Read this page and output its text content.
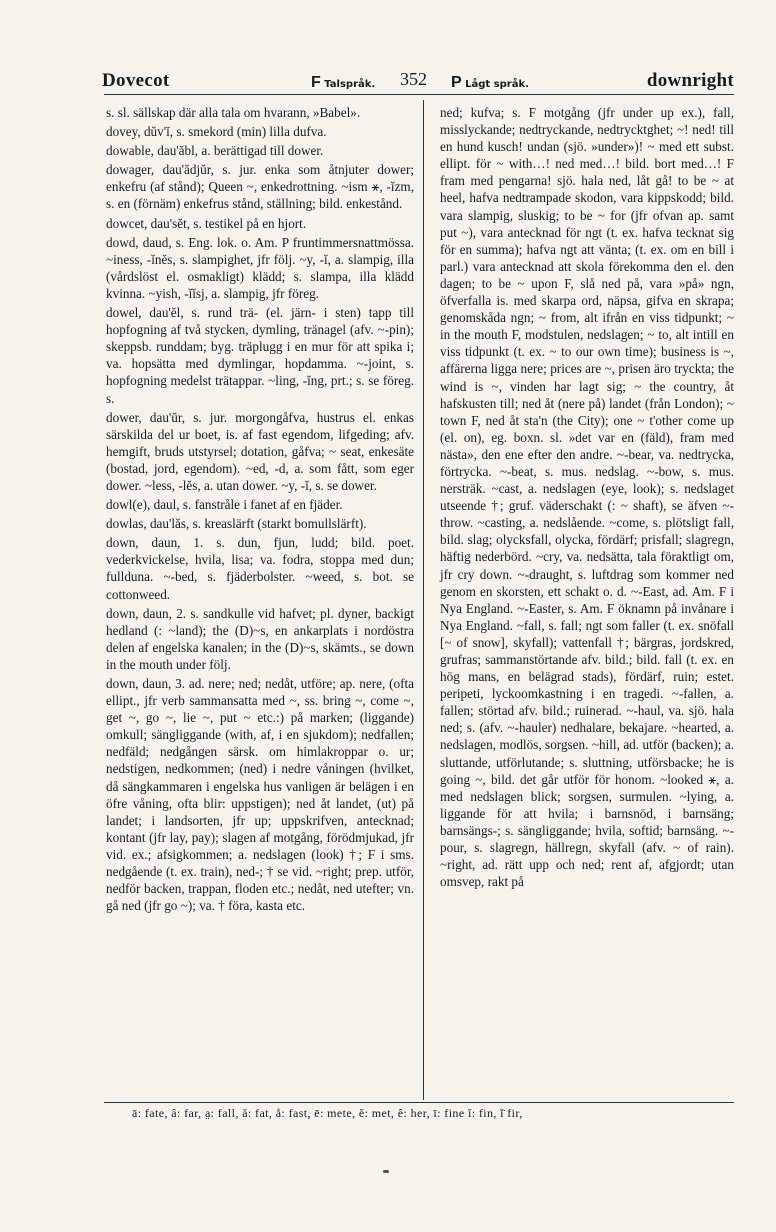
Dovecot	F Talspråk. 352 P Lågt språk.	downright

s. sl. sällskap där alla tala om hvarann, »Babel».

dovey, dŭv'ĭ, s. smekord (min) lilla dufva.

dowable, dau'ăbl, a. berättigad till dower.

dowager, dau'ădjŭr, s. jur. enka som åtnjuter dower; enkefru (af stånd); Queen ~, enkedrottning. ~ism ⚹, -ĭzm, s. en (förnäm) enkefrus stånd, ställning; bild. enkestånd.

dowcet, dau'sĕt, s. testikel på en hjort.

dowd, daud, s. Eng. lok. o. Am. P fruntimmersnattmössa. ~iness, -ĭnĕs, s. slampighet, jfr följ. ~y, -ĭ, a. slampig, illa (vårdslöst el. osmakligt) klädd; s. slampa, illa klädd kvinna. ~yish, -ĭĭsj, a. slampig, jfr föreg.

dowel, dau'ĕl, s. rund trä- (el. järn- i sten) tapp till hopfogning af två stycken, dymling, tränagel (afv. ~-pin); skeppsb. runddam; byg. träplugg i en mur för att spika i; va. hopsätta med dymlingar, hopdamma. ~-joint, s. hopfogning medelst trätappar. ~ling, -ĭng, prt.; s. se föreg. s.

dower, dau'ŭr, s. jur. morgongåfva, hustrus el. enkas särskilda del ur boet, is. af fast egendom, lifgeding; afv. hemgift, bruds utstyrsel; dotation, gåfva; ~ seat, enkesäte (bostad, jord, egendom). ~ed, -d, a. som fått, som eger dower. ~less, -lĕs, a. utan dower. ~y, -ĭ, s. se dower.

dowl(e), daul, s. fanstråle i fanet af en fjäder.

dowlas, dau'lăs, s. kreaslärft (starkt bomullslärft).

down, daun, 1. s. dun, fjun, ludd; bild. poet. vederkvickelse, hvila, lisa; va. fodra, stoppa med dun; fullduna. ~-bed, s. fjäderbolster. ~weed, s. bot. se cottonweed.

down, daun, 2. s. sandkulle vid hafvet; pl. dyner, backigt hedland (: ~land); the (D)~s, en ankarplats i nordöstra delen af engelska kanalen; in the (D)~s, skämts., se down in the mouth under följ.

down, daun, 3. ad. nere; ned; nedåt, utföre; ap. nere, (ofta ellipt., jfr verb sammansatta med ~, ss. bring ~, come ~, get ~, go ~, lie ~, put ~ etc.:) på marken; (liggande) omkull; sängliggande (with, af, i en sjukdom); nedfallen; nedfäld; nedgången särsk. om himlakroppar o. ur; nedstigen, nedkommen; (ned) i nedre våningen (hvilket, då sängkammaren i engelska hus vanligen är belägen i en öfre våning, ofta blir: uppstigen); ned åt landet, (ut) på landet; i landsorten, jfr up; uppskrifven, antecknad; kontant (jfr lay, pay); slagen af motgång, förödmjukad, jfr vid. ex.; afsigkommen; a. nedslagen (look) †; F i sms. nedgående (t. ex. train), ned-; † se vid. ~right; prep. utför, nedför backen, trappan, floden etc.; nedåt, ned utefter; vn. gå ned (jfr go ~); va. † föra, kasta etc.

ned; kufva; s. F motgång (jfr under up ex.), fall, misslyckande; nedtryckande, nedtrycktghet; ~! ned! till en hund kusch! undan (sjö. »under»)! ~ med ett subst. ellipt. för ~ with…! ned med…! bild. bort med…! F fram med pengarna! sjö. hala ned, låt gå! to be ~ at heel, hafva nedtrampade skodon, vara kippskodd; bild. vara slampig, sluskig; to be ~ for (jfr ofvan ap. samt put ~), vara antecknad för ngt (t. ex. hafva tecknat sig för en summa); hafva ngt att vänta; (t. ex. om en bill i parl.) vara antecknad att skola förekomma den el. den dagen; to be ~ upon F, slå ned på, vara »på» ngn, öfverfalla is. med skarpa ord, näpsa, gifva en skrapa; genomskåda ngn; ~ from, alt ifrån en viss tidpunkt; ~ in the mouth F, modstulen, nedslagen; ~ to, alt intill en viss tidpunkt (t. ex. ~ to our own time); business is ~, affärerna ligga nere; prices are ~, prisen äro tryckta; the wind is ~, vinden har lagt sig; ~ the country, åt hafskusten till; ned åt (nere på) landet (från London); ~ town F, ned åt sta'n (the City); one ~ t'other come up (el. on), eg. boxn. sl. »det var en (fäld), fram med nästa», den ene efter den andre. ~-bear, va. nedtrycka, förtrycka. ~-beat, s. mus. nedslag. ~-bow, s. mus. nersträk. ~cast, a. nedslagen (eye, look); s. nedslaget utseende †; gruf. väderschakt (: ~ shaft), se äfven ~-throw. ~casting, a. nedslående. ~come, s. plötsligt fall, bild. slag; olycksfall, olycka, fördärf; prisfall; slagregn, häftig nederbörd. ~cry, va. nedsätta, tala föraktligt om, jfr cry down. ~-draught, s. luftdrag som kommer ned genom en skorsten, ett schakt o. d. ~-East, ad. Am. F i Nya England. ~-Easter, s. Am. F öknamn på invånare i Nya England. ~fall, s. fall; ngt som faller (t. ex. snöfall [~ of snow], skyfall); vattenfall †; bärgras, jordskred, grufras; sammanstörtande afv. bild.; bild. fall (t. ex. en hög mans, en belägrad stads), fördärf, ruin; estet. peripeti, lyckoomkastning i en tragedi. ~-fallen, a. fallen; störtad afv. bild.; ruinerad. ~-haul, va. sjö. hala ned; s. (afv. ~-hauler) nedhalare, bekajare. ~hearted, a. nedslagen, modlös, sorgsen. ~hill, ad. utför (backen); a. sluttande, utförlutande; s. sluttning, utförsbacke; he is going ~, bild. det går utför för honom. ~looked ⚹, a. med nedslagen blick; sorgsen, surmulen. ~lying, a. liggande för att hvila; i barnsnöd, i barnsäng; barnsängs-; s. sängliggande; hvila, softid; barnsäng. ~-pour, s. slagregn, hällregn, skyfall (afv. ~ of rain). ~right, ad. rätt upp och ned; rent af, afgjordt; utan omsvep, rakt på

ā: fate, ȃ: far, a̤: fall, ă: fat, å: fast, ē: mete, ĕ: met, ȇ: her, ī: fine ĭ: fin, ĭ̈ fir,
